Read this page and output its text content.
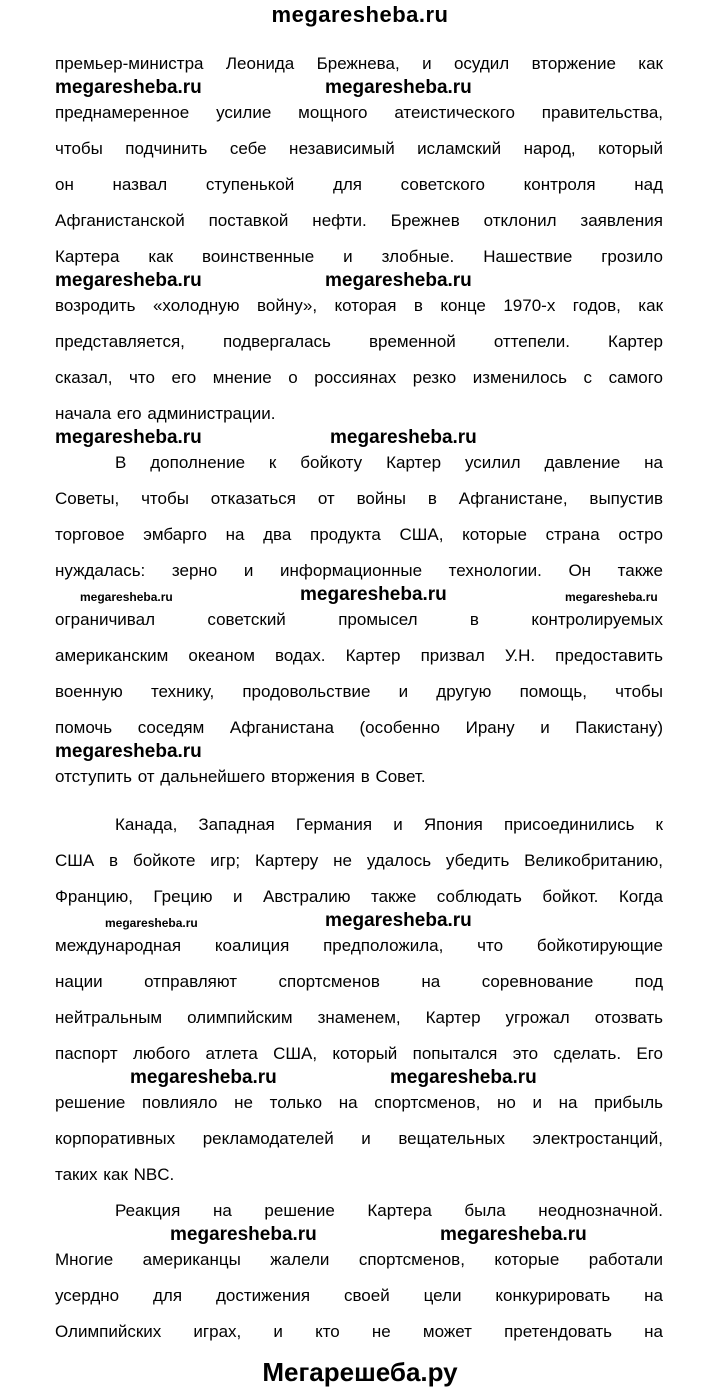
megaresheba.ru
премьер-министра Леонида Брежнева, и осудил вторжение как
megaresheba.ru	megaresheba.ru
преднамеренное усилие мощного атеистического правительства,
чтобы подчинить себе независимый исламский народ, который
он назвал ступенькой для советского контроля над
Афганистанской поставкой нефти. Брежнев отклонил заявления
Картера как воинственные и злобные. Нашествие грозило
megaresheba.ru	megaresheba.ru
возродить «холодную войну», которая в конце 1970-х годов, как
представляется, подвергалась временной оттепели. Картер
сказал, что его мнение о россиянах резко изменилось с самого
начала его администрации.
megaresheba.ru	megaresheba.ru
В дополнение к бойкоту Картер усилил давление на
Советы, чтобы отказаться от войны в Афганистане, выпустив
торговое эмбарго на два продукта США, которые страна остро
нуждалась: зерно и информационные технологии. Он также
megaresheba.ru	megaresheba.ru	megaresheba.ru
ограничивал советский промысел в контролируемых
американским океаном водах. Картер призвал У.Н. предоставить
военную технику, продовольствие и другую помощь, чтобы
помочь соседям Афганистана (особенно Ирану и Пакистану)
megaresheba.ru
отступить от дальнейшего вторжения в Совет.
Канада, Западная Германия и Япония присоединились к
США в бойкоте игр; Картеру не удалось убедить Великобританию,
Францию, Грецию и Австралию также соблюдать бойкот. Когда
megaresheba.ru	megaresheba.ru
международная коалиция предположила, что бойкотирующие
нации отправляют спортсменов на соревнование под
нейтральным олимпийским знаменем, Картер угрожал отозвать
паспорт любого атлета США, который попытался это сделать. Его
megaresheba.ru	megaresheba.ru
решение повлияло не только на спортсменов, но и на прибыль
корпоративных рекламодателей и вещательных электростанций,
таких как NBC.
Реакция на решение Картера была неоднозначной.
megaresheba.ru	megaresheba.ru
Многие американцы жалели спортсменов, которые работали
усердно для достижения своей цели конкурировать на
Олимпийских играх, и кто не может претендовать на
Мегарешеба.ру
